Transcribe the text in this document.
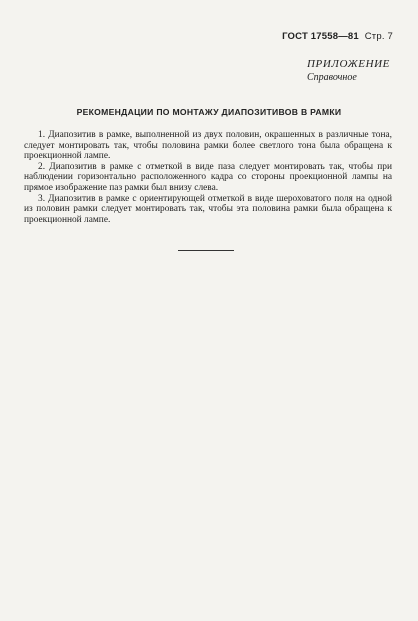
ГОСТ 17558—81 Стр. 7
ПРИЛОЖЕНИЕ
Справочное
РЕКОМЕНДАЦИИ ПО МОНТАЖУ ДИАПОЗИТИВОВ В РАМКИ

1. Диапозитив в рамке, выполненной из двух половин, окрашенных в различные тона, следует монтировать так, чтобы половина рамки более светлого тона была обращена к проекционной лампе.

2. Диапозитив в рамке с отметкой в виде паза следует монтировать так, чтобы при наблюдении горизонтально расположенного кадра со стороны проекционной лампы на прямое изображение паз рамки был внизу слева.

3. Диапозитив в рамке с ориентирующей отметкой в виде шероховатого поля на одной из половин рамки следует монтировать так, чтобы эта половина рамки была обращена к проекционной лампе.
